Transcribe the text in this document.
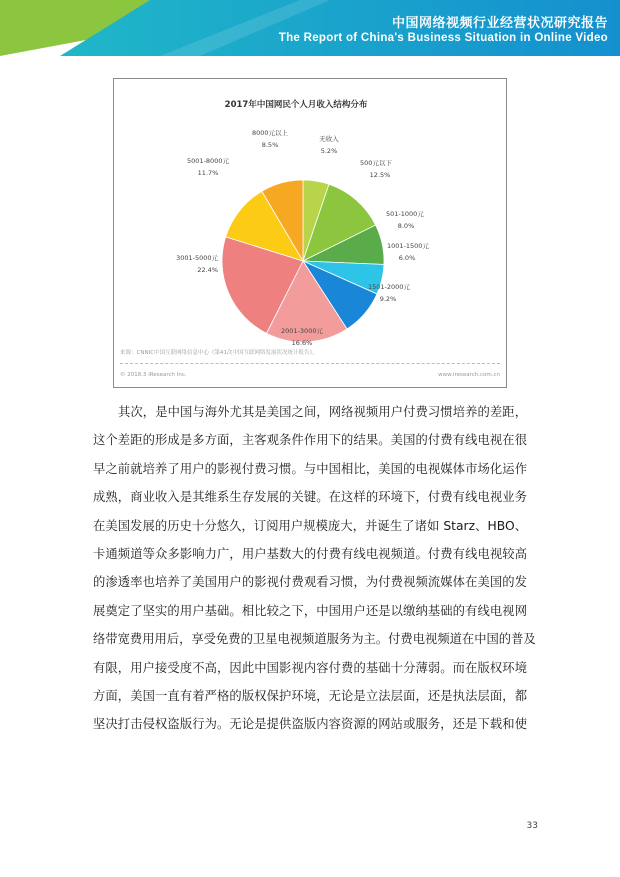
中国网络视频行业经营状况研究报告
The Report of China's Business Situation in Online Video
2017年中国网民个人月收入结构分布
无收入
5.2%
500元以下
12.5%
501-1000元
8.0%
1001-1500元
6.0%
1501-2000元
9.2%
2001-3000元
16.6%
3001-5000元
22.4%
5001-8000元
11.7%
8000元以上
8.5%
来源：CNNIC中国互联网络信息中心《第41次中国互联网络发展状况统计报告》。
© 2018.3 iResearch Inc.	www.iresearch.com.cn

其次，是中国与海外尤其是美国之间，网络视频用户付费习惯培养的差距，

这个差距的形成是多方面，主客观条件作用下的结果。美国的付费有线电视在很

早之前就培养了用户的影视付费习惯。与中国相比，美国的电视媒体市场化运作

成熟，商业收入是其维系生存发展的关键。在这样的环境下，付费有线电视业务

在美国发展的历史十分悠久，订阅用户规模庞大，并诞生了诸如 Starz、HBO、

卡通频道等众多影响力广，用户基数大的付费有线电视频道。付费有线电视较高

的渗透率也培养了美国用户的影视付费观看习惯，为付费视频流媒体在美国的发

展奠定了坚实的用户基础。相比较之下，中国用户还是以缴纳基础的有线电视网

络带宽费用用后，享受免费的卫星电视频道服务为主。付费电视频道在中国的普及

有限，用户接受度不高，因此中国影视内容付费的基础十分薄弱。而在版权环境

方面，美国一直有着严格的版权保护环境，无论是立法层面，还是执法层面，都

坚决打击侵权盗版行为。无论是提供盗版内容资源的网站或服务，还是下载和使

33
